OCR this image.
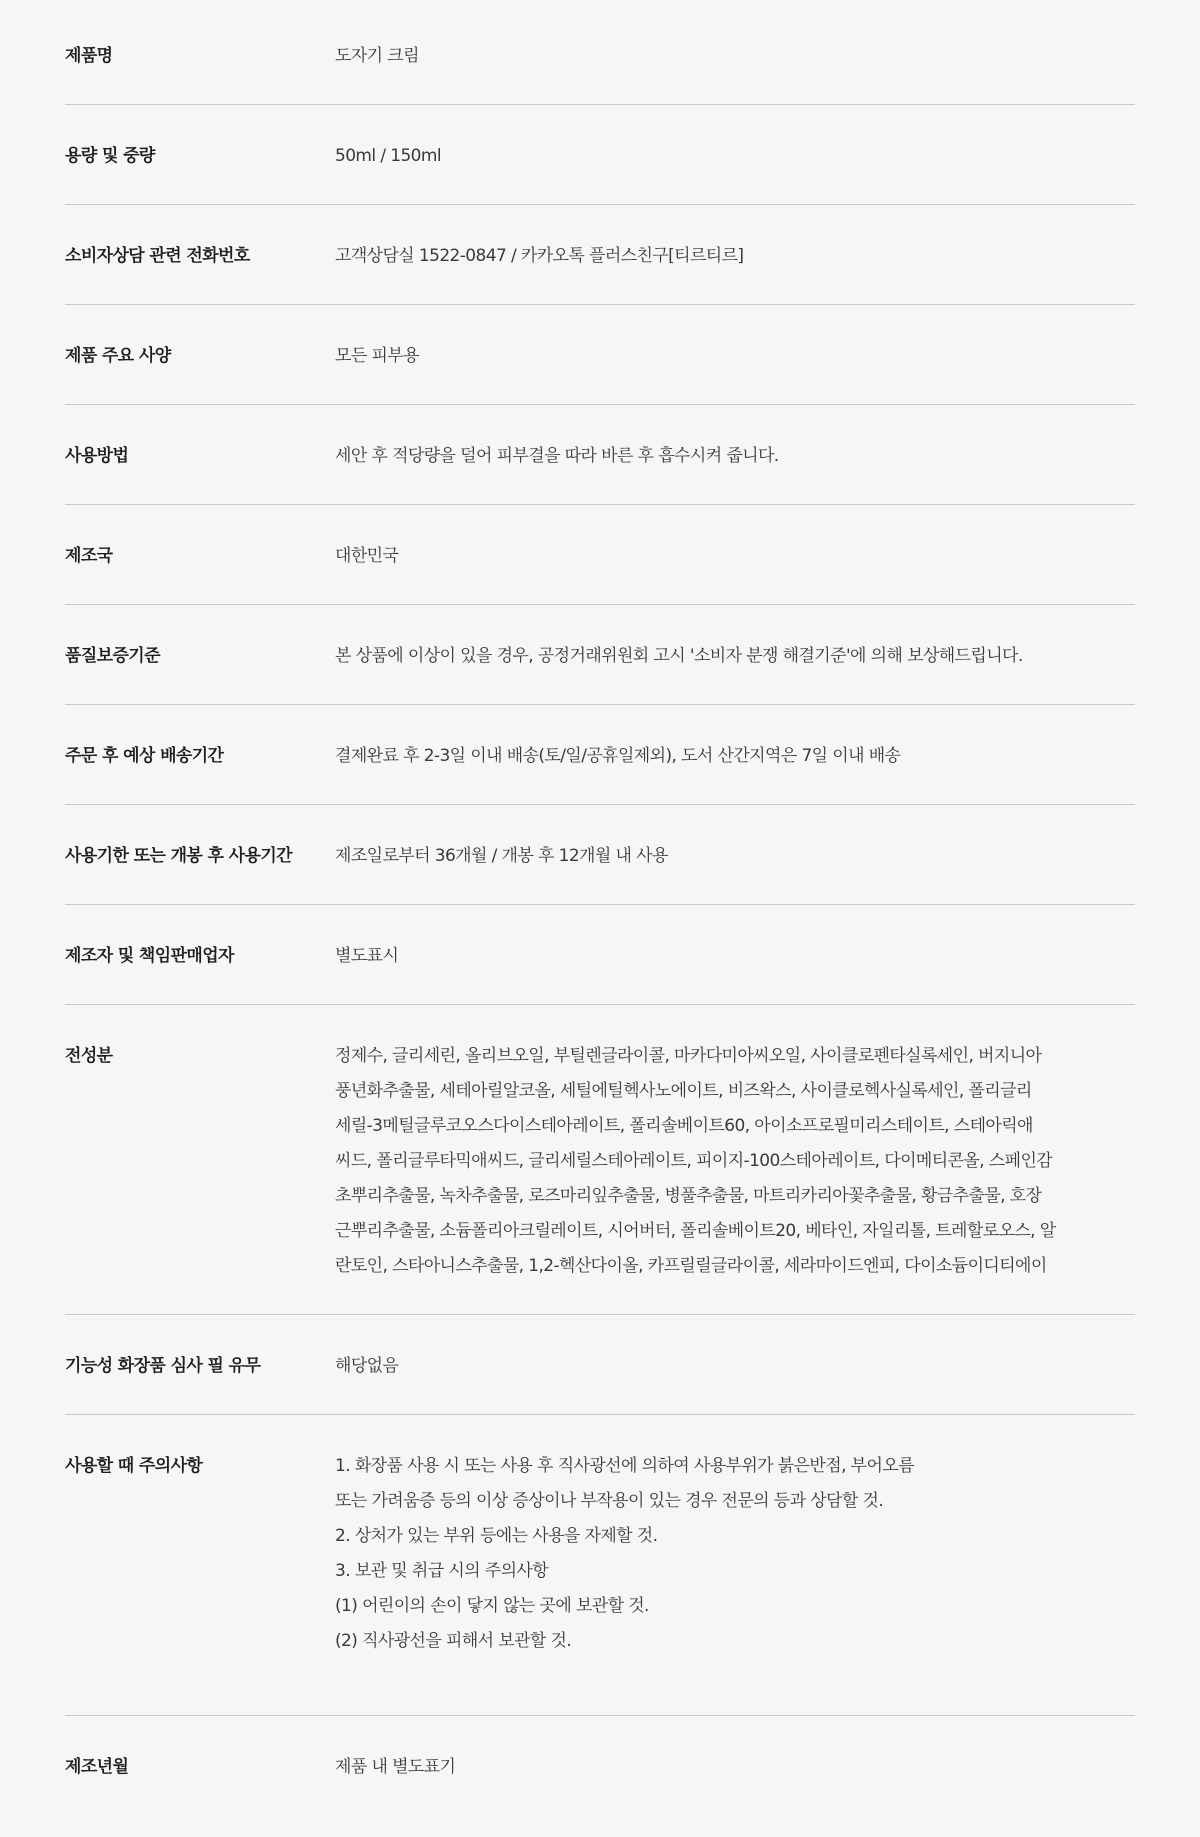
제품명	도자기 크림
용량 및 중량	50ml / 150ml
소비자상담 관련 전화번호	고객상담실 1522-0847 / 카카오톡 플러스친구[티르티르]
제품 주요 사양	모든 피부용
사용방법	세안 후 적당량을 덜어 피부결을 따라 바른 후 흡수시켜 줍니다.
제조국	대한민국
품질보증기준	본 상품에 이상이 있을 경우, 공정거래위원회 고시 '소비자 분쟁 해결기준'에 의해 보상해드립니다.
주문 후 예상 배송기간	결제완료 후 2-3일 이내 배송(토/일/공휴일제외), 도서 산간지역은 7일 이내 배송
사용기한 또는 개봉 후 사용기간	제조일로부터 36개월 / 개봉 후 12개월 내 사용
제조자 및 책임판매업자	별도표시
전성분	정제수, 글리세린, 올리브오일, 부틸렌글라이콜, 마카다미아씨오일, 사이클로펜타실록세인, 버지니아
풍년화추출물, 세테아릴알코올, 세틸에틸헥사노에이트, 비즈왁스, 사이클로헥사실록세인, 폴리글리
세릴-3메틸글루코오스다이스테아레이트, 폴리솔베이트60, 아이소프로필미리스테이트, 스테아릭애
씨드, 폴리글루타믹애씨드, 글리세릴스테아레이트, 피이지-100스테아레이트, 다이메티콘올, 스페인감
초뿌리추출물, 녹차추출물, 로즈마리잎추출물, 병풀추출물, 마트리카리아꽃추출물, 황금추출물, 호장
근뿌리추출물, 소듐폴리아크릴레이트, 시어버터, 폴리솔베이트20, 베타인, 자일리톨, 트레할로오스, 알
란토인, 스타아니스추출물, 1,2-헥산다이올, 카프릴릴글라이콜, 세라마이드엔피, 다이소듐이디티에이
기능성 화장품 심사 필 유무	해당없음
사용할 때 주의사항	1. 화장품 사용 시 또는 사용 후 직사광선에 의하여 사용부위가 붉은반점, 부어오름
또는 가려움증 등의 이상 증상이나 부작용이 있는 경우 전문의 등과 상담할 것.
2. 상처가 있는 부위 등에는 사용을 자제할 것.
3. 보관 및 취급 시의 주의사항
(1) 어린이의 손이 닿지 않는 곳에 보관할 것.
(2) 직사광선을 피해서 보관할 것.
제조년월	제품 내 별도표기
